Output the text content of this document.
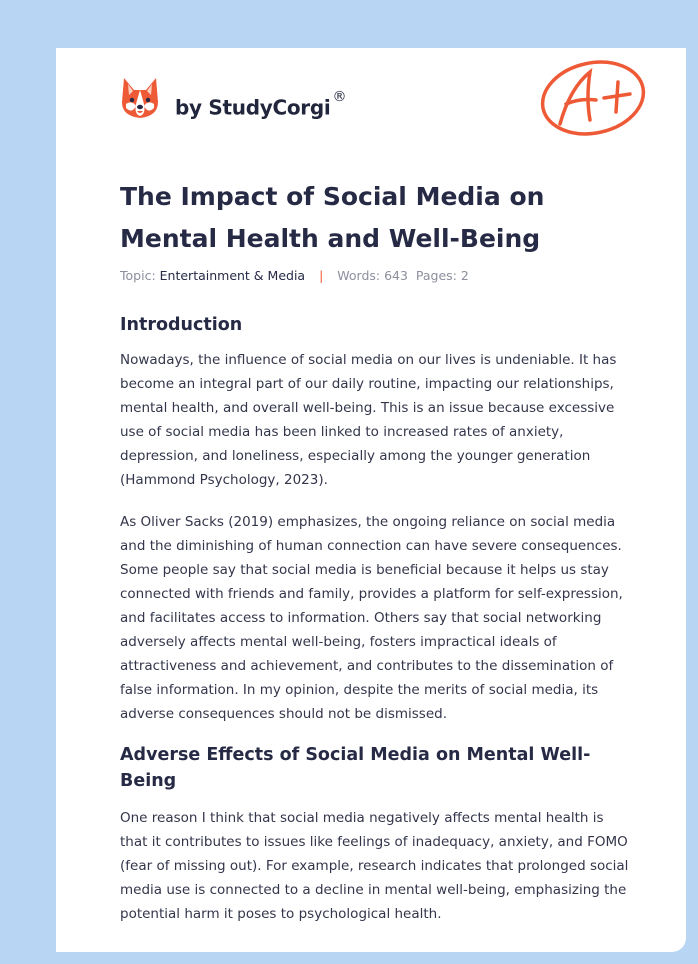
by StudyCorgi ®
The Impact of Social Media on Mental Health and Well-Being
Topic: Entertainment & Media | Words: 643 Pages: 2
Introduction

Nowadays, the influence of social media on our lives is undeniable. It has become an integral part of our daily routine, impacting our relationships, mental health, and overall well-being. This is an issue because excessive use of social media has been linked to increased rates of anxiety, depression, and loneliness, especially among the younger generation (Hammond Psychology, 2023).

As Oliver Sacks (2019) emphasizes, the ongoing reliance on social media and the diminishing of human connection can have severe consequences. Some people say that social media is beneficial because it helps us stay connected with friends and family, provides a platform for self-expression, and facilitates access to information. Others say that social networking adversely affects mental well-being, fosters impractical ideals of attractiveness and achievement, and contributes to the dissemination of false information. In my opinion, despite the merits of social media, its adverse consequences should not be dismissed.

Adverse Effects of Social Media on Mental Well-Being

One reason I think that social media negatively affects mental health is that it contributes to issues like feelings of inadequacy, anxiety, and FOMO (fear of missing out). For example, research indicates that prolonged social media use is connected to a decline in mental well-being, emphasizing the potential harm it poses to psychological health.
